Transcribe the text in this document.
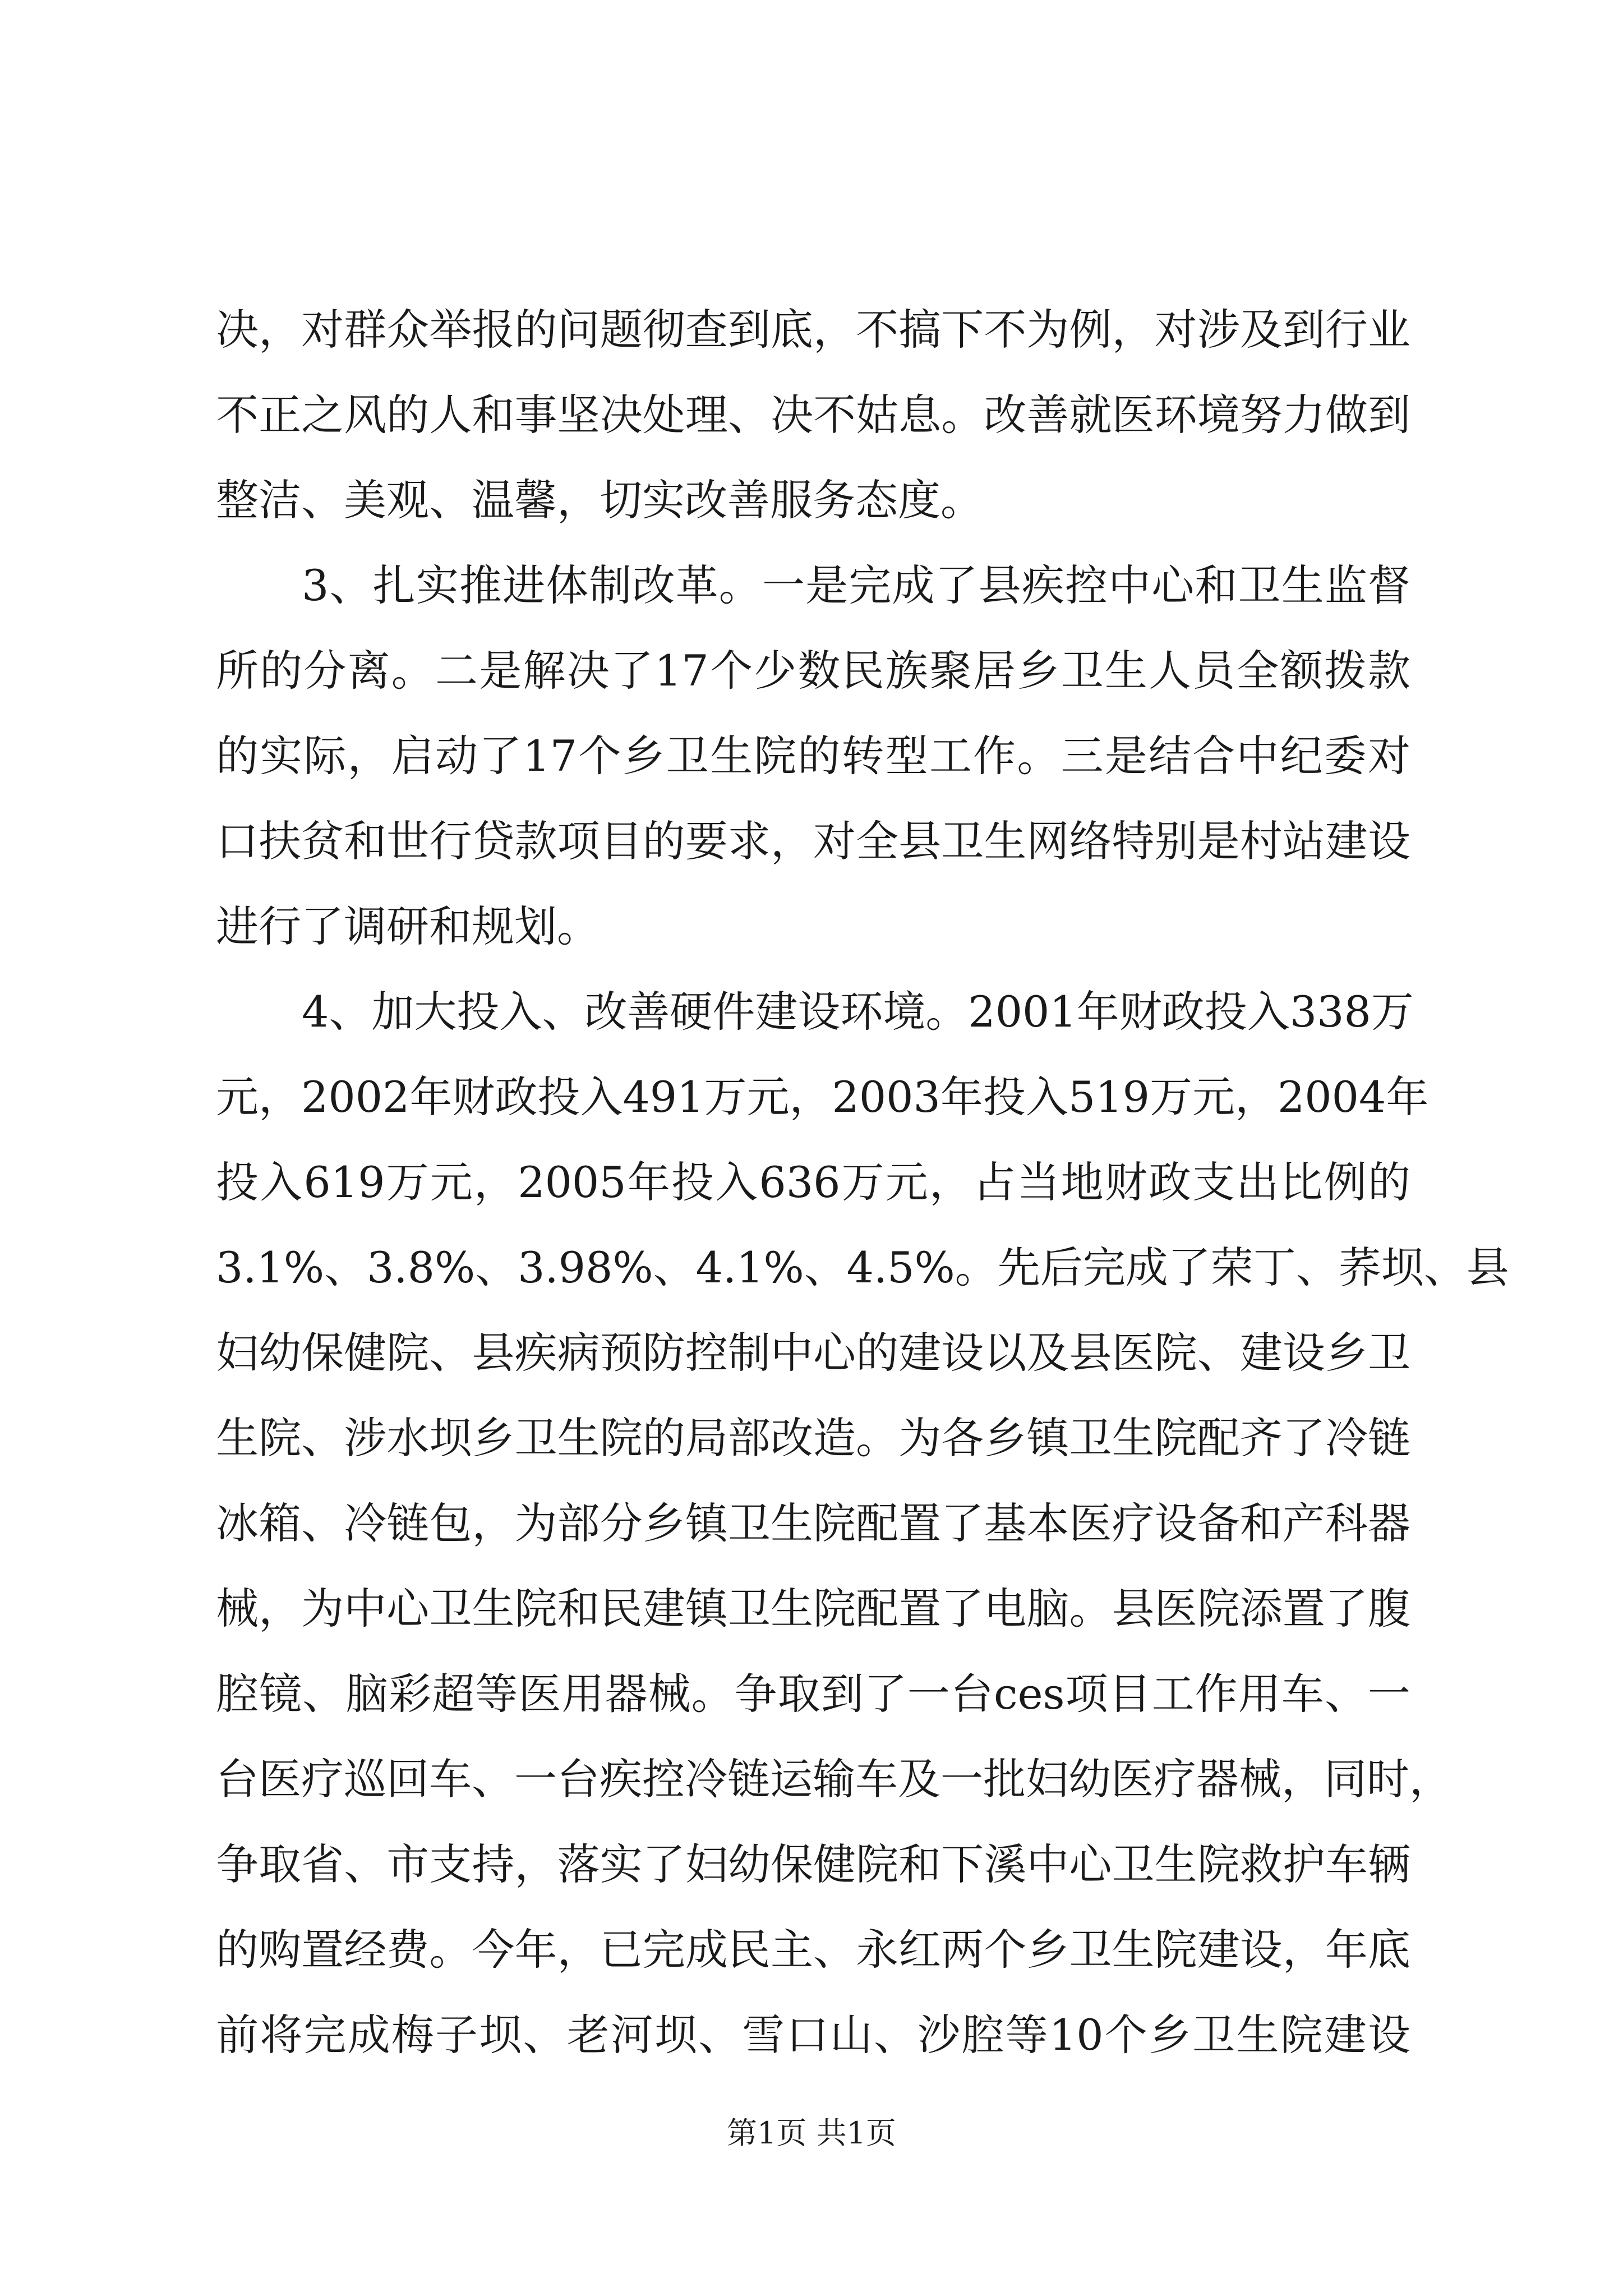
决，对群众举报的问题彻查到底，不搞下不为例，对涉及到行业
不正之风的人和事坚决处理、决不姑息。改善就医环境努力做到
整洁、美观、温馨，切实改善服务态度。
3、扎实推进体制改革。一是完成了县疾控中心和卫生监督
所的分离。二是解决了17个少数民族聚居乡卫生人员全额拨款
的实际，启动了17个乡卫生院的转型工作。三是结合中纪委对
口扶贫和世行贷款项目的要求，对全县卫生网络特别是村站建设
进行了调研和规划。
4、加大投入、改善硬件建设环境。2001年财政投入338万
元，2002年财政投入491万元，2003年投入519万元，2004年
投入619万元，2005年投入636万元，占当地财政支出比例的
3.1%、3.8%、3.98%、4.1%、4.5%。先后完成了荣丁、荞坝、县
妇幼保健院、县疾病预防控制中心的建设以及县医院、建设乡卫
生院、涉水坝乡卫生院的局部改造。为各乡镇卫生院配齐了冷链
冰箱、冷链包，为部分乡镇卫生院配置了基本医疗设备和产科器
械，为中心卫生院和民建镇卫生院配置了电脑。县医院添置了腹
腔镜、脑彩超等医用器械。争取到了一台ces项目工作用车、一
台医疗巡回车、一台疾控冷链运输车及一批妇幼医疗器械，同时，
争取省、市支持，落实了妇幼保健院和下溪中心卫生院救护车辆
的购置经费。今年，已完成民主、永红两个乡卫生院建设，年底
前将完成梅子坝、老河坝、雪口山、沙腔等10个乡卫生院建设
第1页 共1页
